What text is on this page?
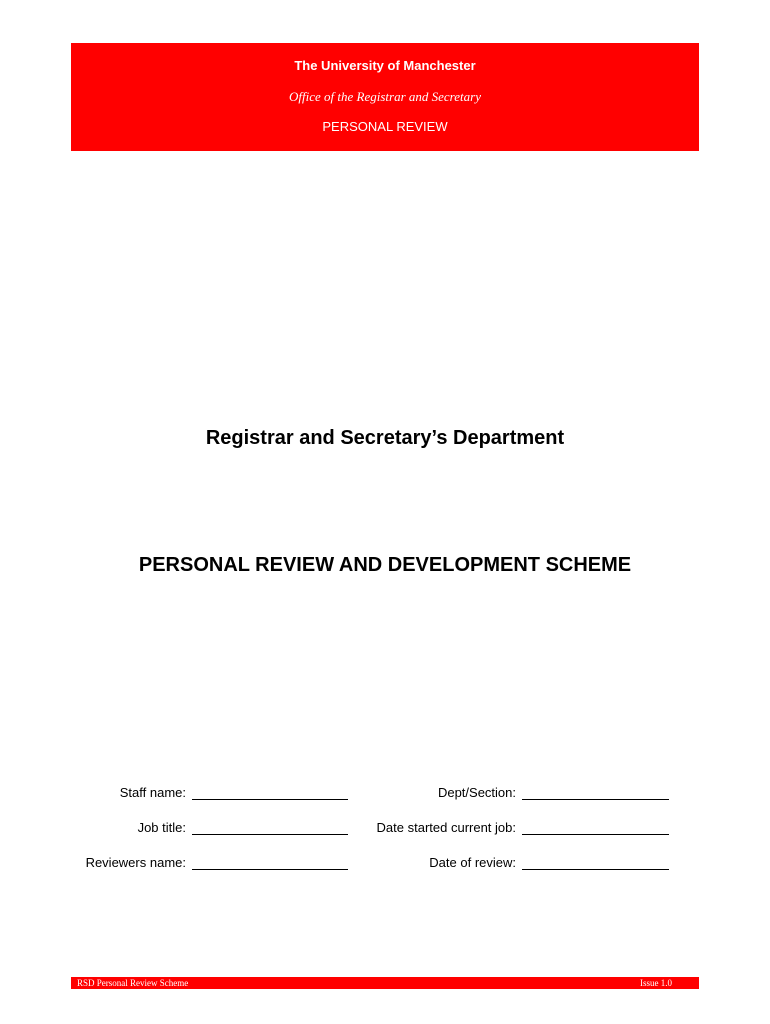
The University of Manchester
Office of the Registrar and Secretary
PERSONAL REVIEW
Registrar and Secretary’s Department
PERSONAL REVIEW AND DEVELOPMENT SCHEME
Staff name:
Job title:
Reviewers name:
Dept/Section:
Date started current job:
Date of review:
RSD Personal Review Scheme	Issue 1.0
